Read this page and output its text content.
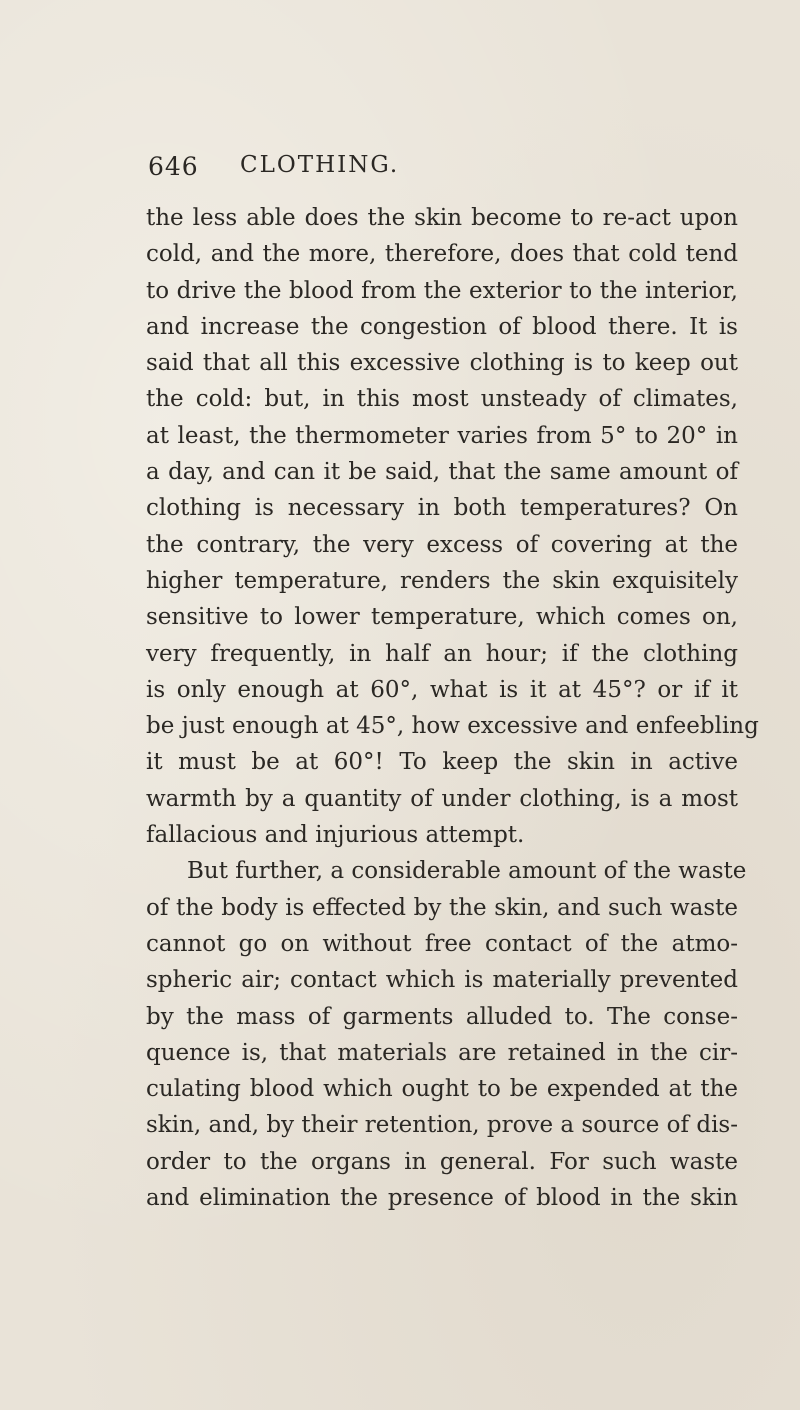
646 CLOTHING.
the less able does the skin become to re-act upon
cold, and the more, therefore, does that cold tend
to drive the blood from the exterior to the interior,
and increase the congestion of blood there. It is
said that all this excessive clothing is to keep out
the cold: but, in this most unsteady of climates,
at least, the thermometer varies from 5° to 20° in
a day, and can it be said, that the same amount of
clothing is necessary in both temperatures? On
the contrary, the very excess of covering at the
higher temperature, renders the skin exquisitely
sensitive to lower temperature, which comes on,
very frequently, in half an hour; if the clothing
is only enough at 60°, what is it at 45°? or if it
be just enough at 45°, how excessive and enfeebling
it must be at 60°! To keep the skin in active
warmth by a quantity of under clothing, is a most
fallacious and injurious attempt.
But further, a considerable amount of the waste
of the body is effected by the skin, and such waste
cannot go on without free contact of the atmo-
spheric air; contact which is materially prevented
by the mass of garments alluded to. The conse-
quence is, that materials are retained in the cir-
culating blood which ought to be expended at the
skin, and, by their retention, prove a source of dis-
order to the organs in general. For such waste
and elimination the presence of blood in the skin
